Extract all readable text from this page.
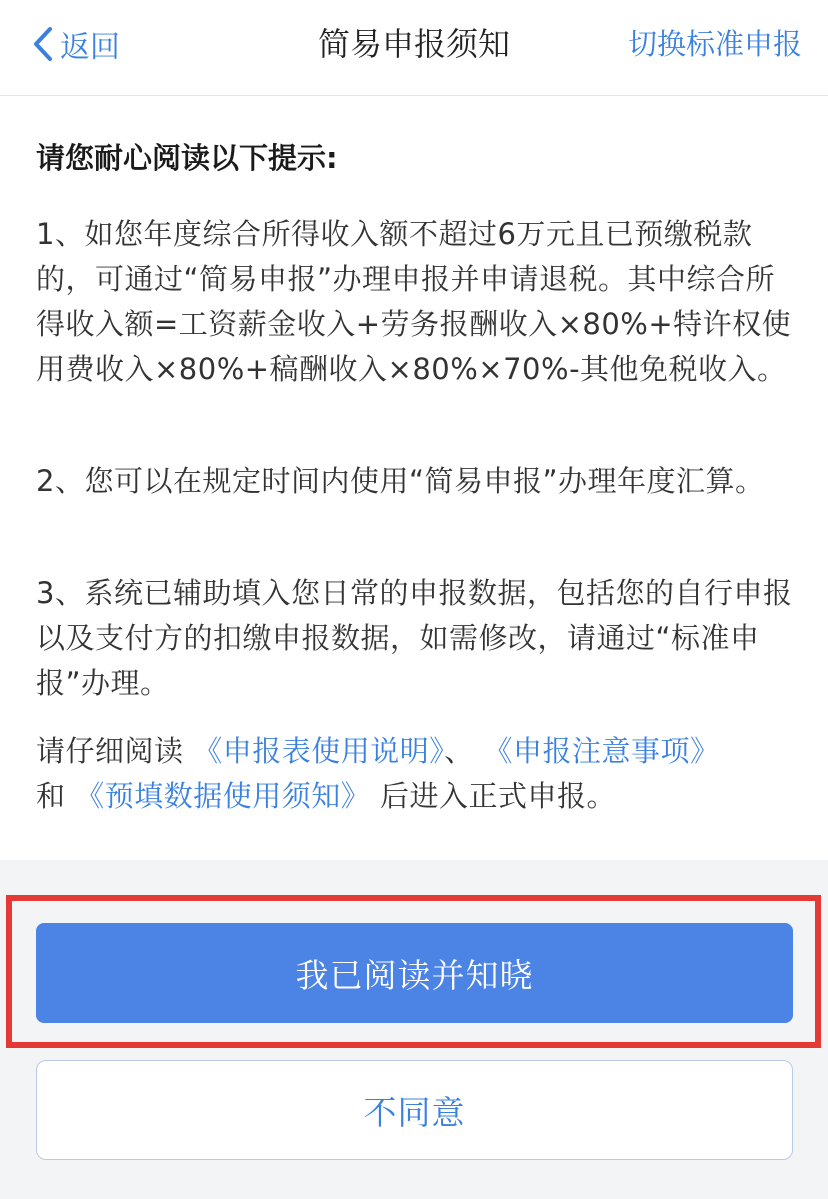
返回	简易申报须知	切换标准申报
请您耐心阅读以下提示:
1、如您年度综合所得收入额不超过6万元且已预缴税款的，可通过“简易申报”办理申报并申请退税。其中综合所得收入额=工资薪金收入+劳务报酬收入×80%+特许权使用费收入×80%+稿酬收入×80%×70%-其他免税收入。
2、您可以在规定时间内使用“简易申报”办理年度汇算。
3、系统已辅助填入您日常的申报数据，包括您的自行申报以及支付方的扣缴申报数据，如需修改，请通过“标准申报”办理。
请仔细阅读 《申报表使用说明》、 《申报注意事项》
和 《预填数据使用须知》 后进入正式申报。
我已阅读并知晓
不同意
